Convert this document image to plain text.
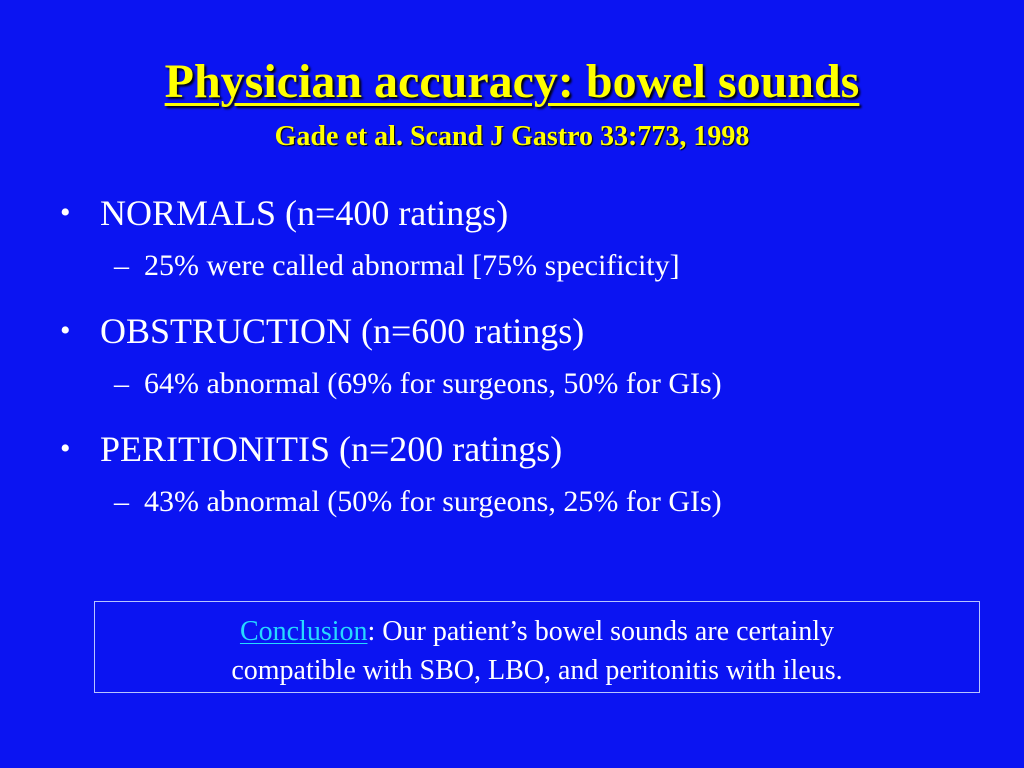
Physician accuracy: bowel sounds
Gade et al. Scand J Gastro 33:773, 1998
• NORMALS (n=400 ratings)
– 25% were called abnormal [75% specificity]
• OBSTRUCTION (n=600 ratings)
– 64% abnormal (69% for surgeons, 50% for GIs)
• PERITIONITIS (n=200 ratings)
– 43% abnormal (50% for surgeons, 25% for GIs)
Conclusion: Our patient’s bowel sounds are certainly
compatible with SBO, LBO, and peritonitis with ileus.
